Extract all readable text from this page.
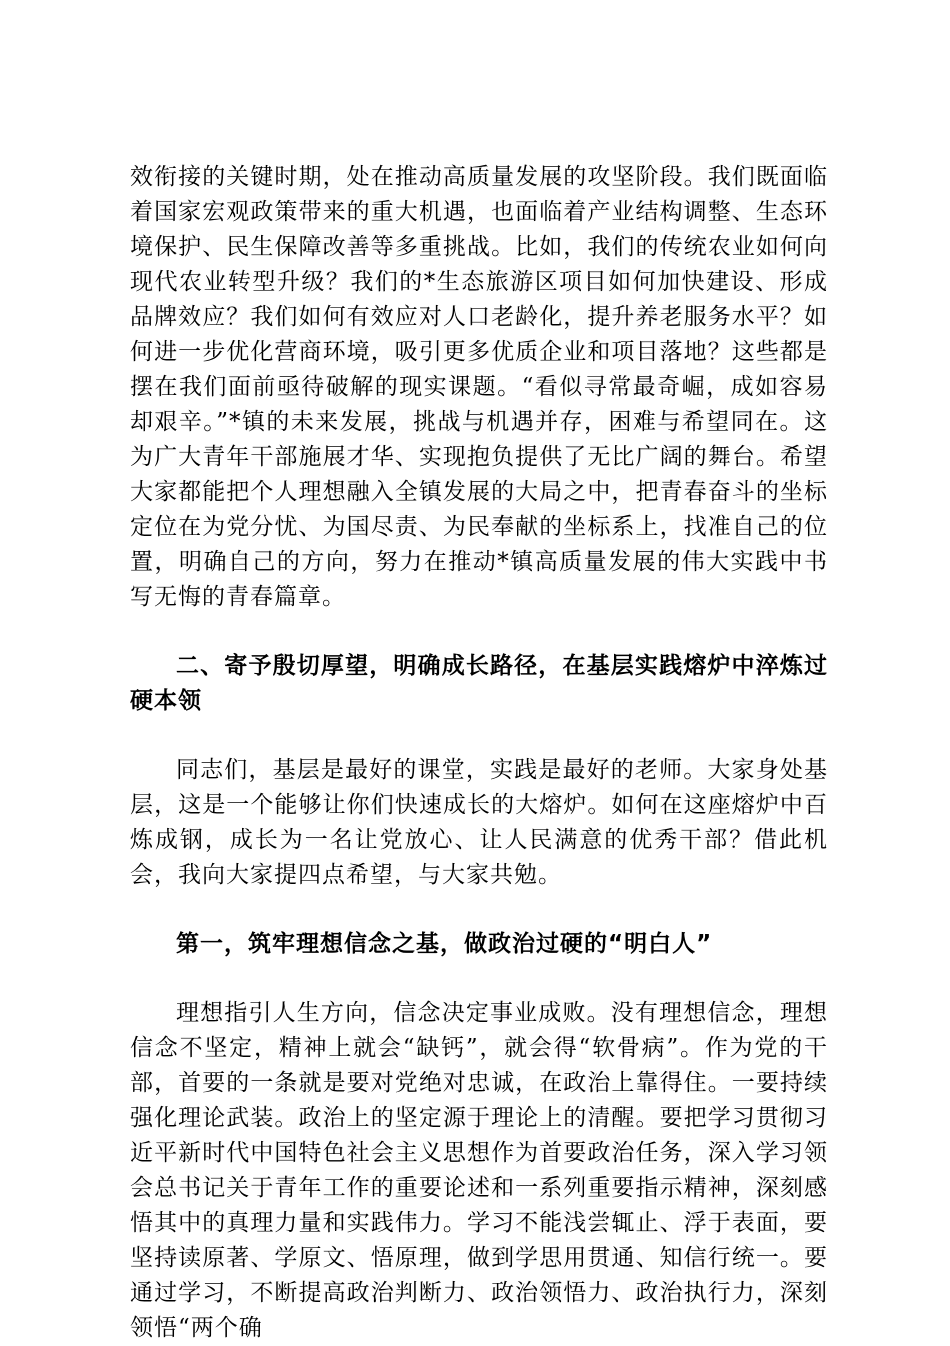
效衔接的关键时期，处在推动高质量发展的攻坚阶段。我们既面临着国家宏观政策带来的重大机遇，也面临着产业结构调整、生态环境保护、民生保障改善等多重挑战。比如，我们的传统农业如何向现代农业转型升级？我们的*生态旅游区项目如何加快建设、形成品牌效应？我们如何有效应对人口老龄化，提升养老服务水平？如何进一步优化营商环境，吸引更多优质企业和项目落地？这些都是摆在我们面前亟待破解的现实课题。“看似寻常最奇崛，成如容易却艰辛。”*镇的未来发展，挑战与机遇并存，困难与希望同在。这为广大青年干部施展才华、实现抱负提供了无比广阔的舞台。希望大家都能把个人理想融入全镇发展的大局之中，把青春奋斗的坐标定位在为党分忧、为国尽责、为民奉献的坐标系上，找准自己的位置，明确自己的方向，努力在推动*镇高质量发展的伟大实践中书写无悔的青春篇章。

二、寄予殷切厚望，明确成长路径，在基层实践熔炉中淬炼过硬本领

同志们，基层是最好的课堂，实践是最好的老师。大家身处基层，这是一个能够让你们快速成长的大熔炉。如何在这座熔炉中百炼成钢，成长为一名让党放心、让人民满意的优秀干部？借此机会，我向大家提四点希望，与大家共勉。

第一，筑牢理想信念之基，做政治过硬的“明白人”

理想指引人生方向，信念决定事业成败。没有理想信念，理想信念不坚定，精神上就会“缺钙”，就会得“软骨病”。作为党的干部，首要的一条就是要对党绝对忠诚，在政治上靠得住。一要持续强化理论武装。政治上的坚定源于理论上的清醒。要把学习贯彻习近平新时代中国特色社会主义思想作为首要政治任务，深入学习领会总书记关于青年工作的重要论述和一系列重要指示精神，深刻感悟其中的真理力量和实践伟力。学习不能浅尝辄止、浮于表面，要坚持读原著、学原文、悟原理，做到学思用贯通、知信行统一。要通过学习，不断提高政治判断力、政治领悟力、政治执行力，深刻领悟“两个确
